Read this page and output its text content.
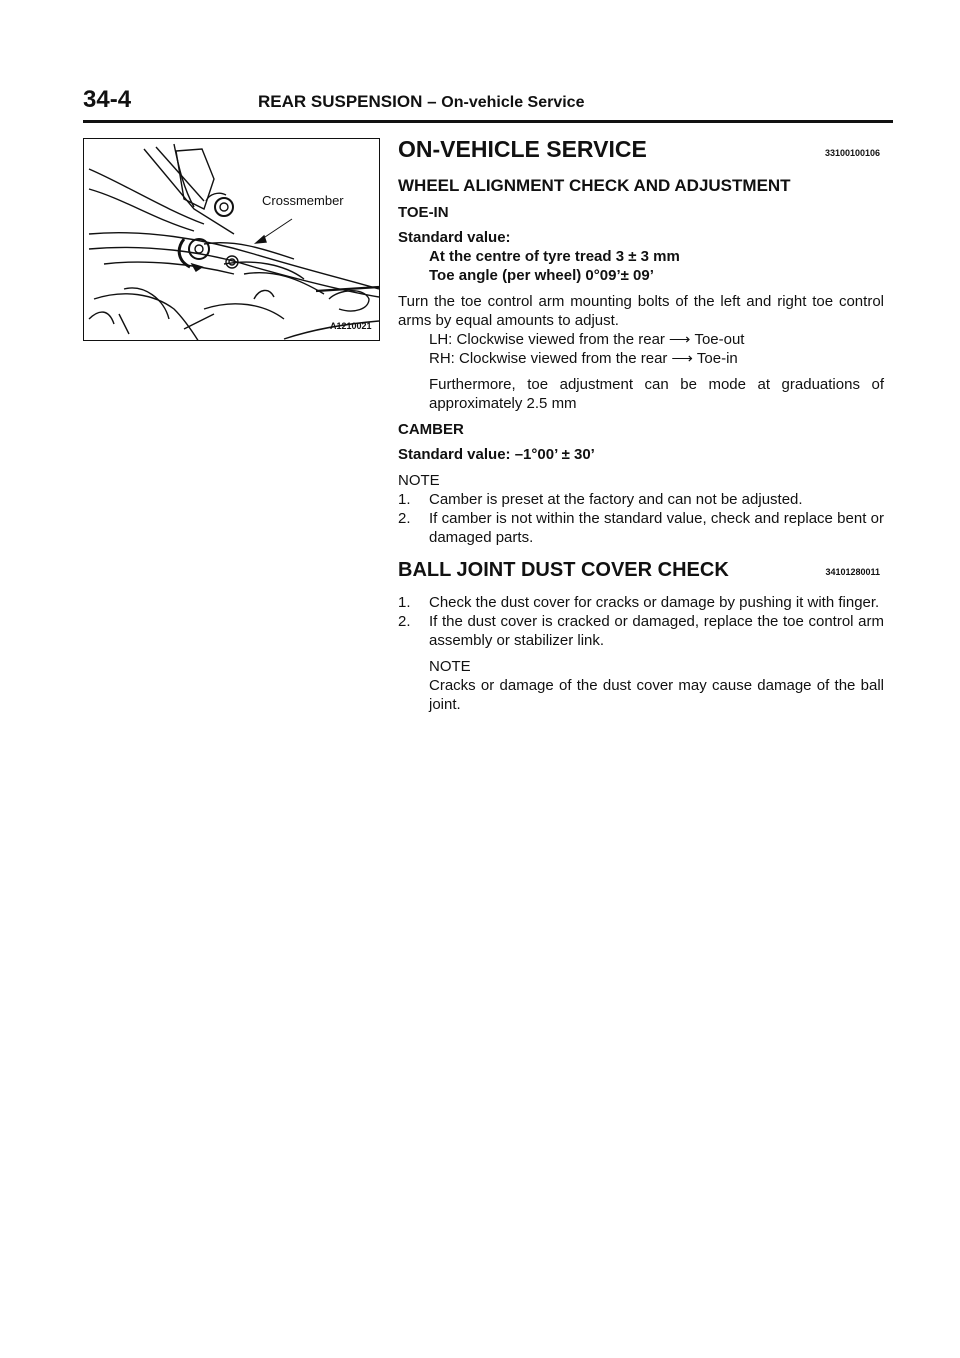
34-4	REAR SUSPENSION – On-vehicle Service
Crossmember
A1210021
ON-VEHICLE SERVICE	33100100106
WHEEL ALIGNMENT CHECK AND ADJUSTMENT
TOE-IN

Standard value:

At the centre of tyre tread 3 ± 3 mm

Toe angle (per wheel) 0°09’± 09’

Turn the toe control arm mounting bolts of the left and right toe control arms by equal amounts to adjust.

LH: Clockwise viewed from the rear ⟶ Toe-out

RH: Clockwise viewed from the rear ⟶ Toe-in

Furthermore, toe adjustment can be mode at graduations of approximately 2.5 mm

CAMBER

Standard value: –1°00’ ± 30’

NOTE

1. Camber is preset at the factory and can not be adjusted.
2. If camber is not within the standard value, check and replace bent or damaged parts.
BALL JOINT DUST COVER CHECK	34101280011
1. Check the dust cover for cracks or damage by pushing it with finger.
2. If the dust cover is cracked or damaged, replace the toe control arm assembly or stabilizer link.

NOTE

Cracks or damage of the dust cover may cause damage of the ball joint.
